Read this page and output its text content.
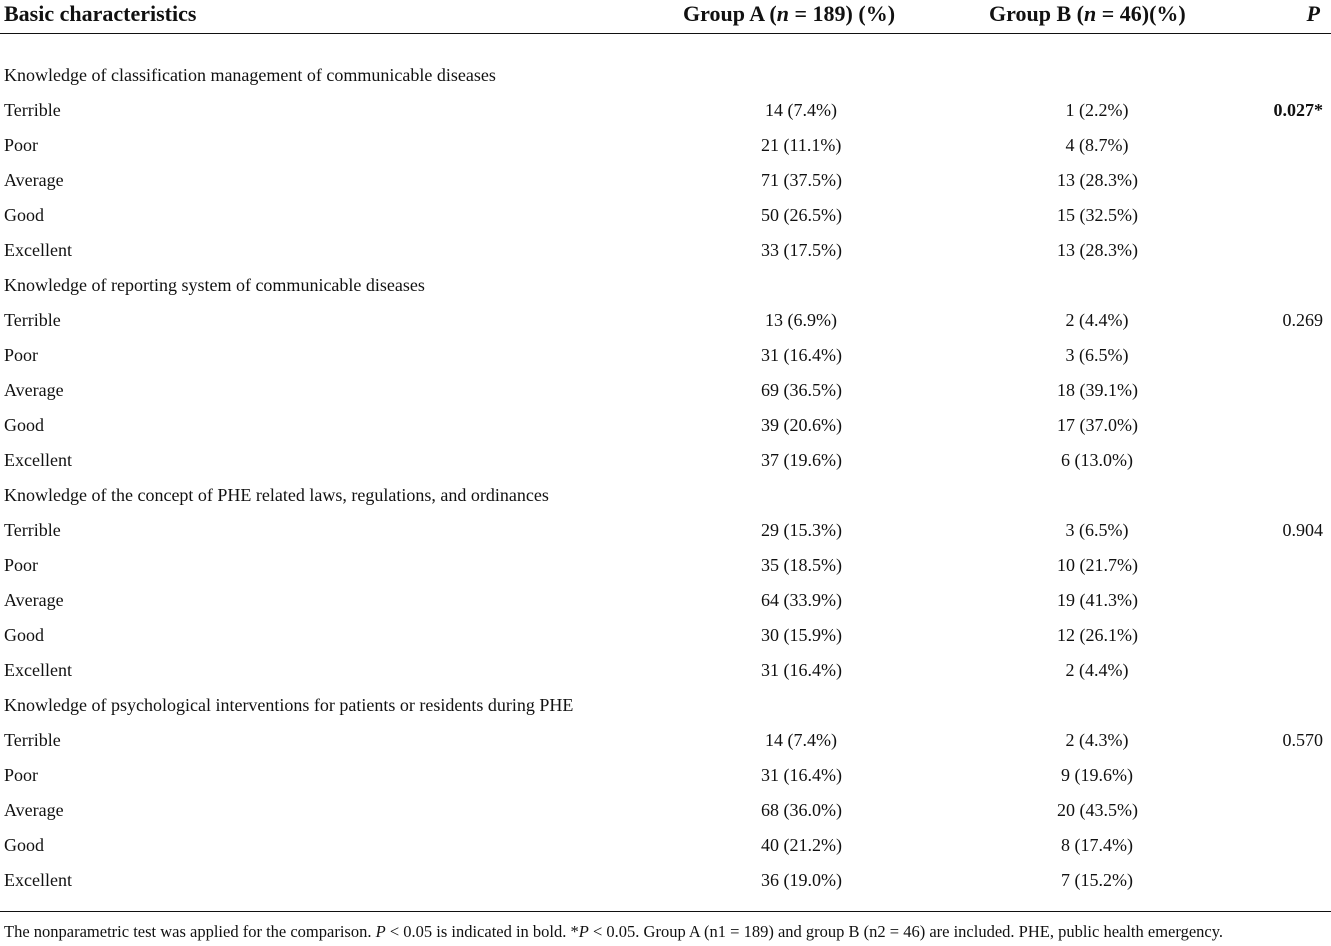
Basic characteristics	Group A (n = 189) (%)	Group B (n = 46)(%)	P
Knowledge of classification management of communicable diseases
Terrible	14 (7.4%)	1 (2.2%)	0.027*
Poor	21 (11.1%)	4 (8.7%)
Average	71 (37.5%)	13 (28.3%)
Good	50 (26.5%)	15 (32.5%)
Excellent	33 (17.5%)	13 (28.3%)
Knowledge of reporting system of communicable diseases
Terrible	13 (6.9%)	2 (4.4%)	0.269
Poor	31 (16.4%)	3 (6.5%)
Average	69 (36.5%)	18 (39.1%)
Good	39 (20.6%)	17 (37.0%)
Excellent	37 (19.6%)	6 (13.0%)
Knowledge of the concept of PHE related laws, regulations, and ordinances
Terrible	29 (15.3%)	3 (6.5%)	0.904
Poor	35 (18.5%)	10 (21.7%)
Average	64 (33.9%)	19 (41.3%)
Good	30 (15.9%)	12 (26.1%)
Excellent	31 (16.4%)	2 (4.4%)
Knowledge of psychological interventions for patients or residents during PHE
Terrible	14 (7.4%)	2 (4.3%)	0.570
Poor	31 (16.4%)	9 (19.6%)
Average	68 (36.0%)	20 (43.5%)
Good	40 (21.2%)	8 (17.4%)
Excellent	36 (19.0%)	7 (15.2%)
The nonparametric test was applied for the comparison. P < 0.05 is indicated in bold. *P < 0.05. Group A (n1 = 189) and group B (n2 = 46) are included. PHE, public health emergency.
